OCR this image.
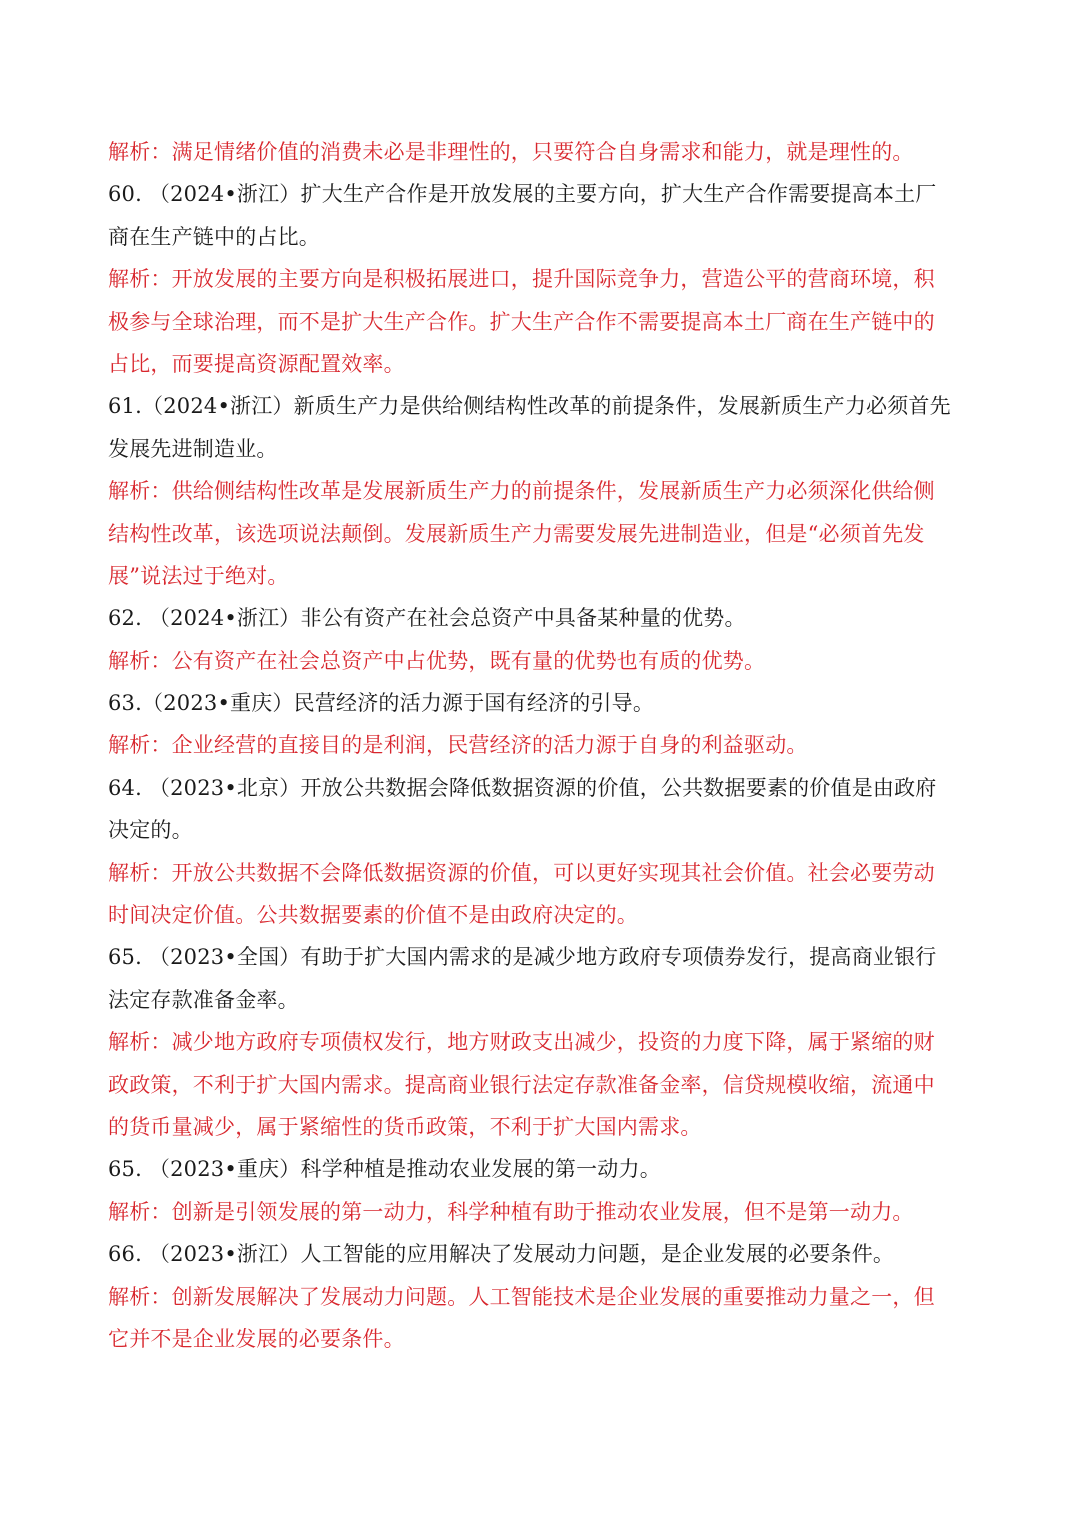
解析：满足情绪价值的消费未必是非理性的，只要符合自身需求和能力，就是理性的。
60. （2024•浙江）扩大生产合作是开放发展的主要方向，扩大生产合作需要提高本土厂
商在生产链中的占比。
解析：开放发展的主要方向是积极拓展进口，提升国际竞争力，营造公平的营商环境，积
极参与全球治理，而不是扩大生产合作。扩大生产合作不需要提高本土厂商在生产链中的
占比，而要提高资源配置效率。
61.（2024•浙江）新质生产力是供给侧结构性改革的前提条件，发展新质生产力必须首先
发展先进制造业。
解析：供给侧结构性改革是发展新质生产力的前提条件，发展新质生产力必须深化供给侧
结构性改革，该选项说法颠倒。发展新质生产力需要发展先进制造业，但是“必须首先发
展”说法过于绝对。
62. （2024•浙江）非公有资产在社会总资产中具备某种量的优势。
解析：公有资产在社会总资产中占优势，既有量的优势也有质的优势。
63.（2023•重庆）民营经济的活力源于国有经济的引导。
解析：企业经营的直接目的是利润，民营经济的活力源于自身的利益驱动。
64. （2023•北京）开放公共数据会降低数据资源的价值，公共数据要素的价值是由政府
决定的。
解析：开放公共数据不会降低数据资源的价值，可以更好实现其社会价值。社会必要劳动
时间决定价值。公共数据要素的价值不是由政府决定的。
65. （2023•全国）有助于扩大国内需求的是减少地方政府专项债券发行，提高商业银行
法定存款准备金率。
解析：减少地方政府专项债权发行，地方财政支出减少，投资的力度下降，属于紧缩的财
政政策，不利于扩大国内需求。提高商业银行法定存款准备金率，信贷规模收缩，流通中
的货币量减少，属于紧缩性的货币政策，不利于扩大国内需求。
65. （2023•重庆）科学种植是推动农业发展的第一动力。
解析：创新是引领发展的第一动力，科学种植有助于推动农业发展，但不是第一动力。
66. （2023•浙江）人工智能的应用解决了发展动力问题，是企业发展的必要条件。
解析：创新发展解决了发展动力问题。人工智能技术是企业发展的重要推动力量之一，但
它并不是企业发展的必要条件。
